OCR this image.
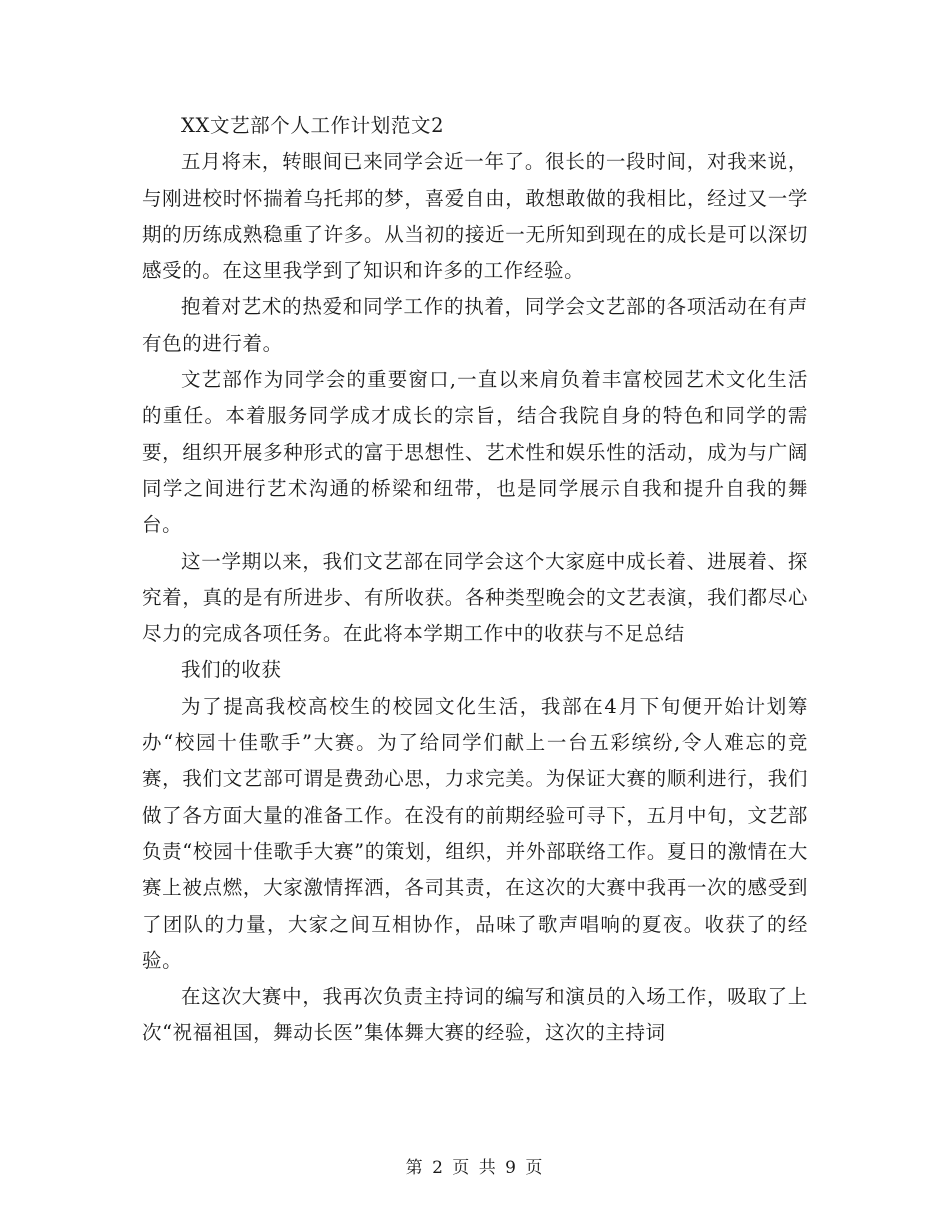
XX文艺部个人工作计划范文2

五月将末，转眼间已来同学会近一年了。很长的一段时间，对我来说，与刚进校时怀揣着乌托邦的梦，喜爱自由，敢想敢做的我相比，经过又一学期的历练成熟稳重了许多。从当初的接近一无所知到现在的成长是可以深切感受的。在这里我学到了知识和许多的工作经验。

抱着对艺术的热爱和同学工作的执着，同学会文艺部的各项活动在有声有色的进行着。

文艺部作为同学会的重要窗口,一直以来肩负着丰富校园艺术文化生活的重任。本着服务同学成才成长的宗旨，结合我院自身的特色和同学的需要，组织开展多种形式的富于思想性、艺术性和娱乐性的活动，成为与广阔同学之间进行艺术沟通的桥梁和纽带，也是同学展示自我和提升自我的舞台。

这一学期以来，我们文艺部在同学会这个大家庭中成长着、进展着、探究着，真的是有所进步、有所收获。各种类型晚会的文艺表演，我们都尽心尽力的完成各项任务。在此将本学期工作中的收获与不足总结

我们的收获

为了提高我校高校生的校园文化生活，我部在4月下旬便开始计划筹办“校园十佳歌手”大赛。为了给同学们献上一台五彩缤纷,令人难忘的竞赛，我们文艺部可谓是费劲心思，力求完美。为保证大赛的顺利进行，我们做了各方面大量的准备工作。在没有的前期经验可寻下，五月中旬，文艺部负责“校园十佳歌手大赛”的策划，组织，并外部联络工作。夏日的激情在大赛上被点燃，大家激情挥洒，各司其责，在这次的大赛中我再一次的感受到了团队的力量，大家之间互相协作，品味了歌声唱响的夏夜。收获了的经验。

在这次大赛中，我再次负责主持词的编写和演员的入场工作，吸取了上次“祝福祖国，舞动长医”集体舞大赛的经验，这次的主持词

第 2 页 共 9 页
